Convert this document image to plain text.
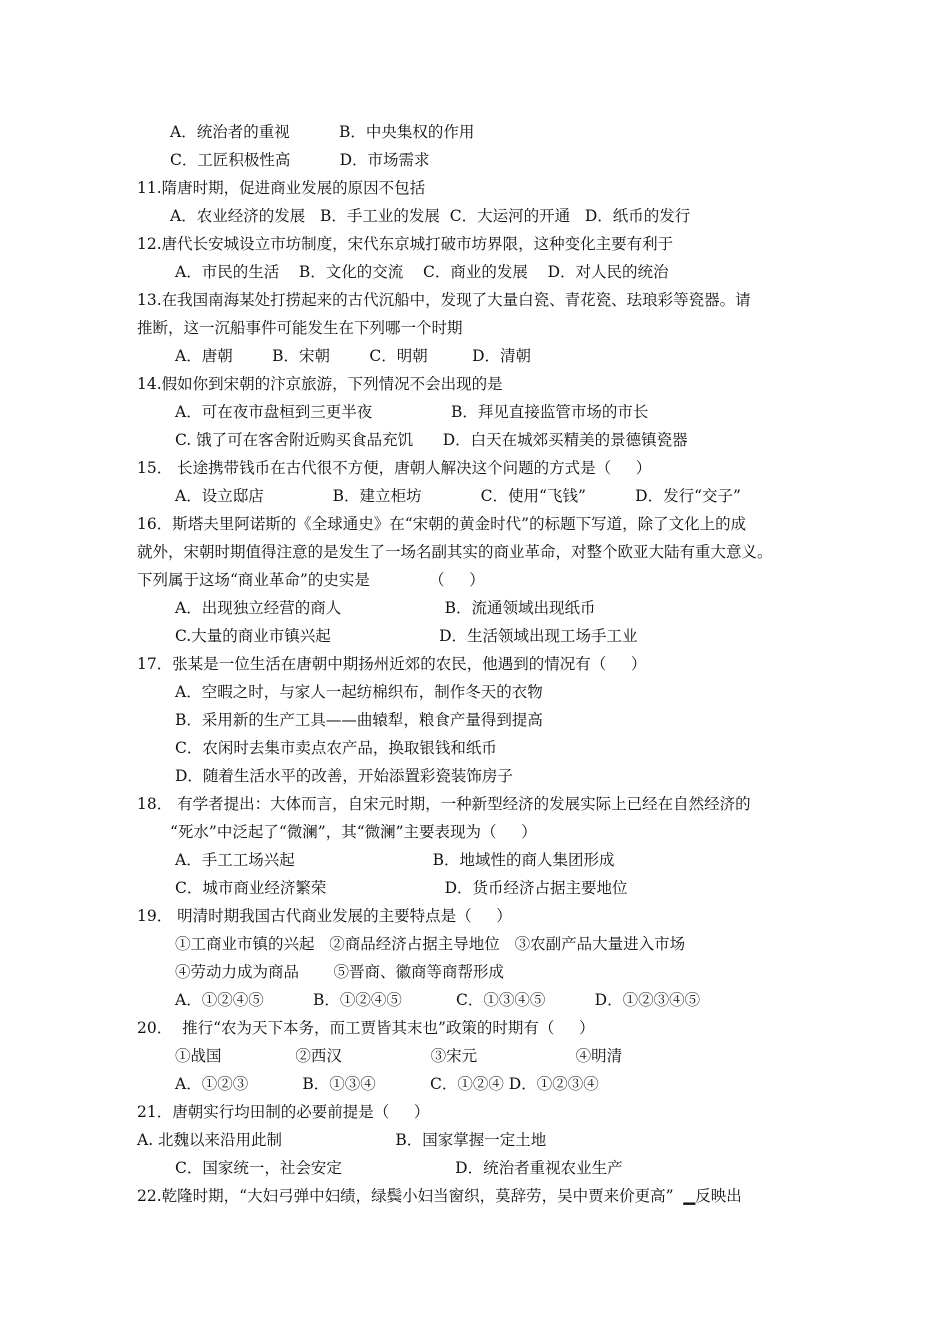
A．统治者的重视          B．中央集权的作用
C．工匠积极性高          D．市场需求
11.隋唐时期，促进商业发展的原因不包括
A．农业经济的发展   B．手工业的发展  C．大运河的开通   D．纸币的发行
12.唐代长安城设立市坊制度，宋代东京城打破市坊界限，这种变化主要有利于
A．市民的生活    B．文化的交流    C．商业的发展    D．对人民的统治
13.在我国南海某处打捞起来的古代沉船中，发现了大量白瓷、青花瓷、珐琅彩等瓷器。请
推断，这一沉船事件可能发生在下列哪一个时期
A．唐朝        B．宋朝        C．明朝         D．清朝
14.假如你到宋朝的汴京旅游，下列情况不会出现的是
A．可在夜市盘桓到三更半夜                B．拜见直接监管市场的市长
C. 饿了可在客舍附近购买食品充饥      D．白天在城郊买精美的景德镇瓷器
15． 长途携带钱币在古代很不方便，唐朝人解决这个问题的方式是（     ）
A．设立邸店              B．建立柜坊            C．使用“飞钱”          D．发行“交子”
16．斯塔夫里阿诺斯的《全球通史》在“宋朝的黄金时代”的标题下写道，除了文化上的成
就外，宋朝时期值得注意的是发生了一场名副其实的商业革命，对整个欧亚大陆有重大意义。
下列属于这场“商业革命”的史实是            （     ）
A．出现独立经营的商人                     B．流通领域出现纸币
C.大量的商业市镇兴起                      D．生活领域出现工场手工业
17．张某是一位生活在唐朝中期扬州近郊的农民，他遇到的情况有（     ）
A．空暇之时，与家人一起纺棉织布，制作冬天的衣物
B．采用新的生产工具——曲辕犁，粮食产量得到提高
C．农闲时去集市卖点农产品，换取银钱和纸币
D．随着生活水平的改善，开始添置彩瓷装饰房子
18． 有学者提出：大体而言，自宋元时期，一种新型经济的发展实际上已经在自然经济的
“死水”中泛起了“微澜”，其“微澜”主要表现为（     ）
A．手工工场兴起                            B．地域性的商人集团形成
C．城市商业经济繁荣                        D．货币经济占据主要地位
19． 明清时期我国古代商业发展的主要特点是（     ）
①工商业市镇的兴起   ②商品经济占据主导地位   ③农副产品大量进入市场
④劳动力成为商品       ⑤晋商、徽商等商帮形成
A．①②④⑤          B．①②④⑤           C．①③④⑤          D．①②③④⑤
20．  推行“农为天下本务，而工贾皆其末也”政策的时期有（     ）
①战国               ②西汉                  ③宋元                    ④明清
A．①②③           B．①③④           C．①②④ D．①②③④
21．唐朝实行均田制的必要前提是（     ）
A. 北魏以来沿用此制                       B．国家掌握一定土地
C．国家统一，社会安定                       D．统治者重视农业生产
22.乾隆时期，“大妇弓弹中妇绩，绿鬓小妇当窗织，莫辞劳，吴中贾来价更高”  ▁反映出
